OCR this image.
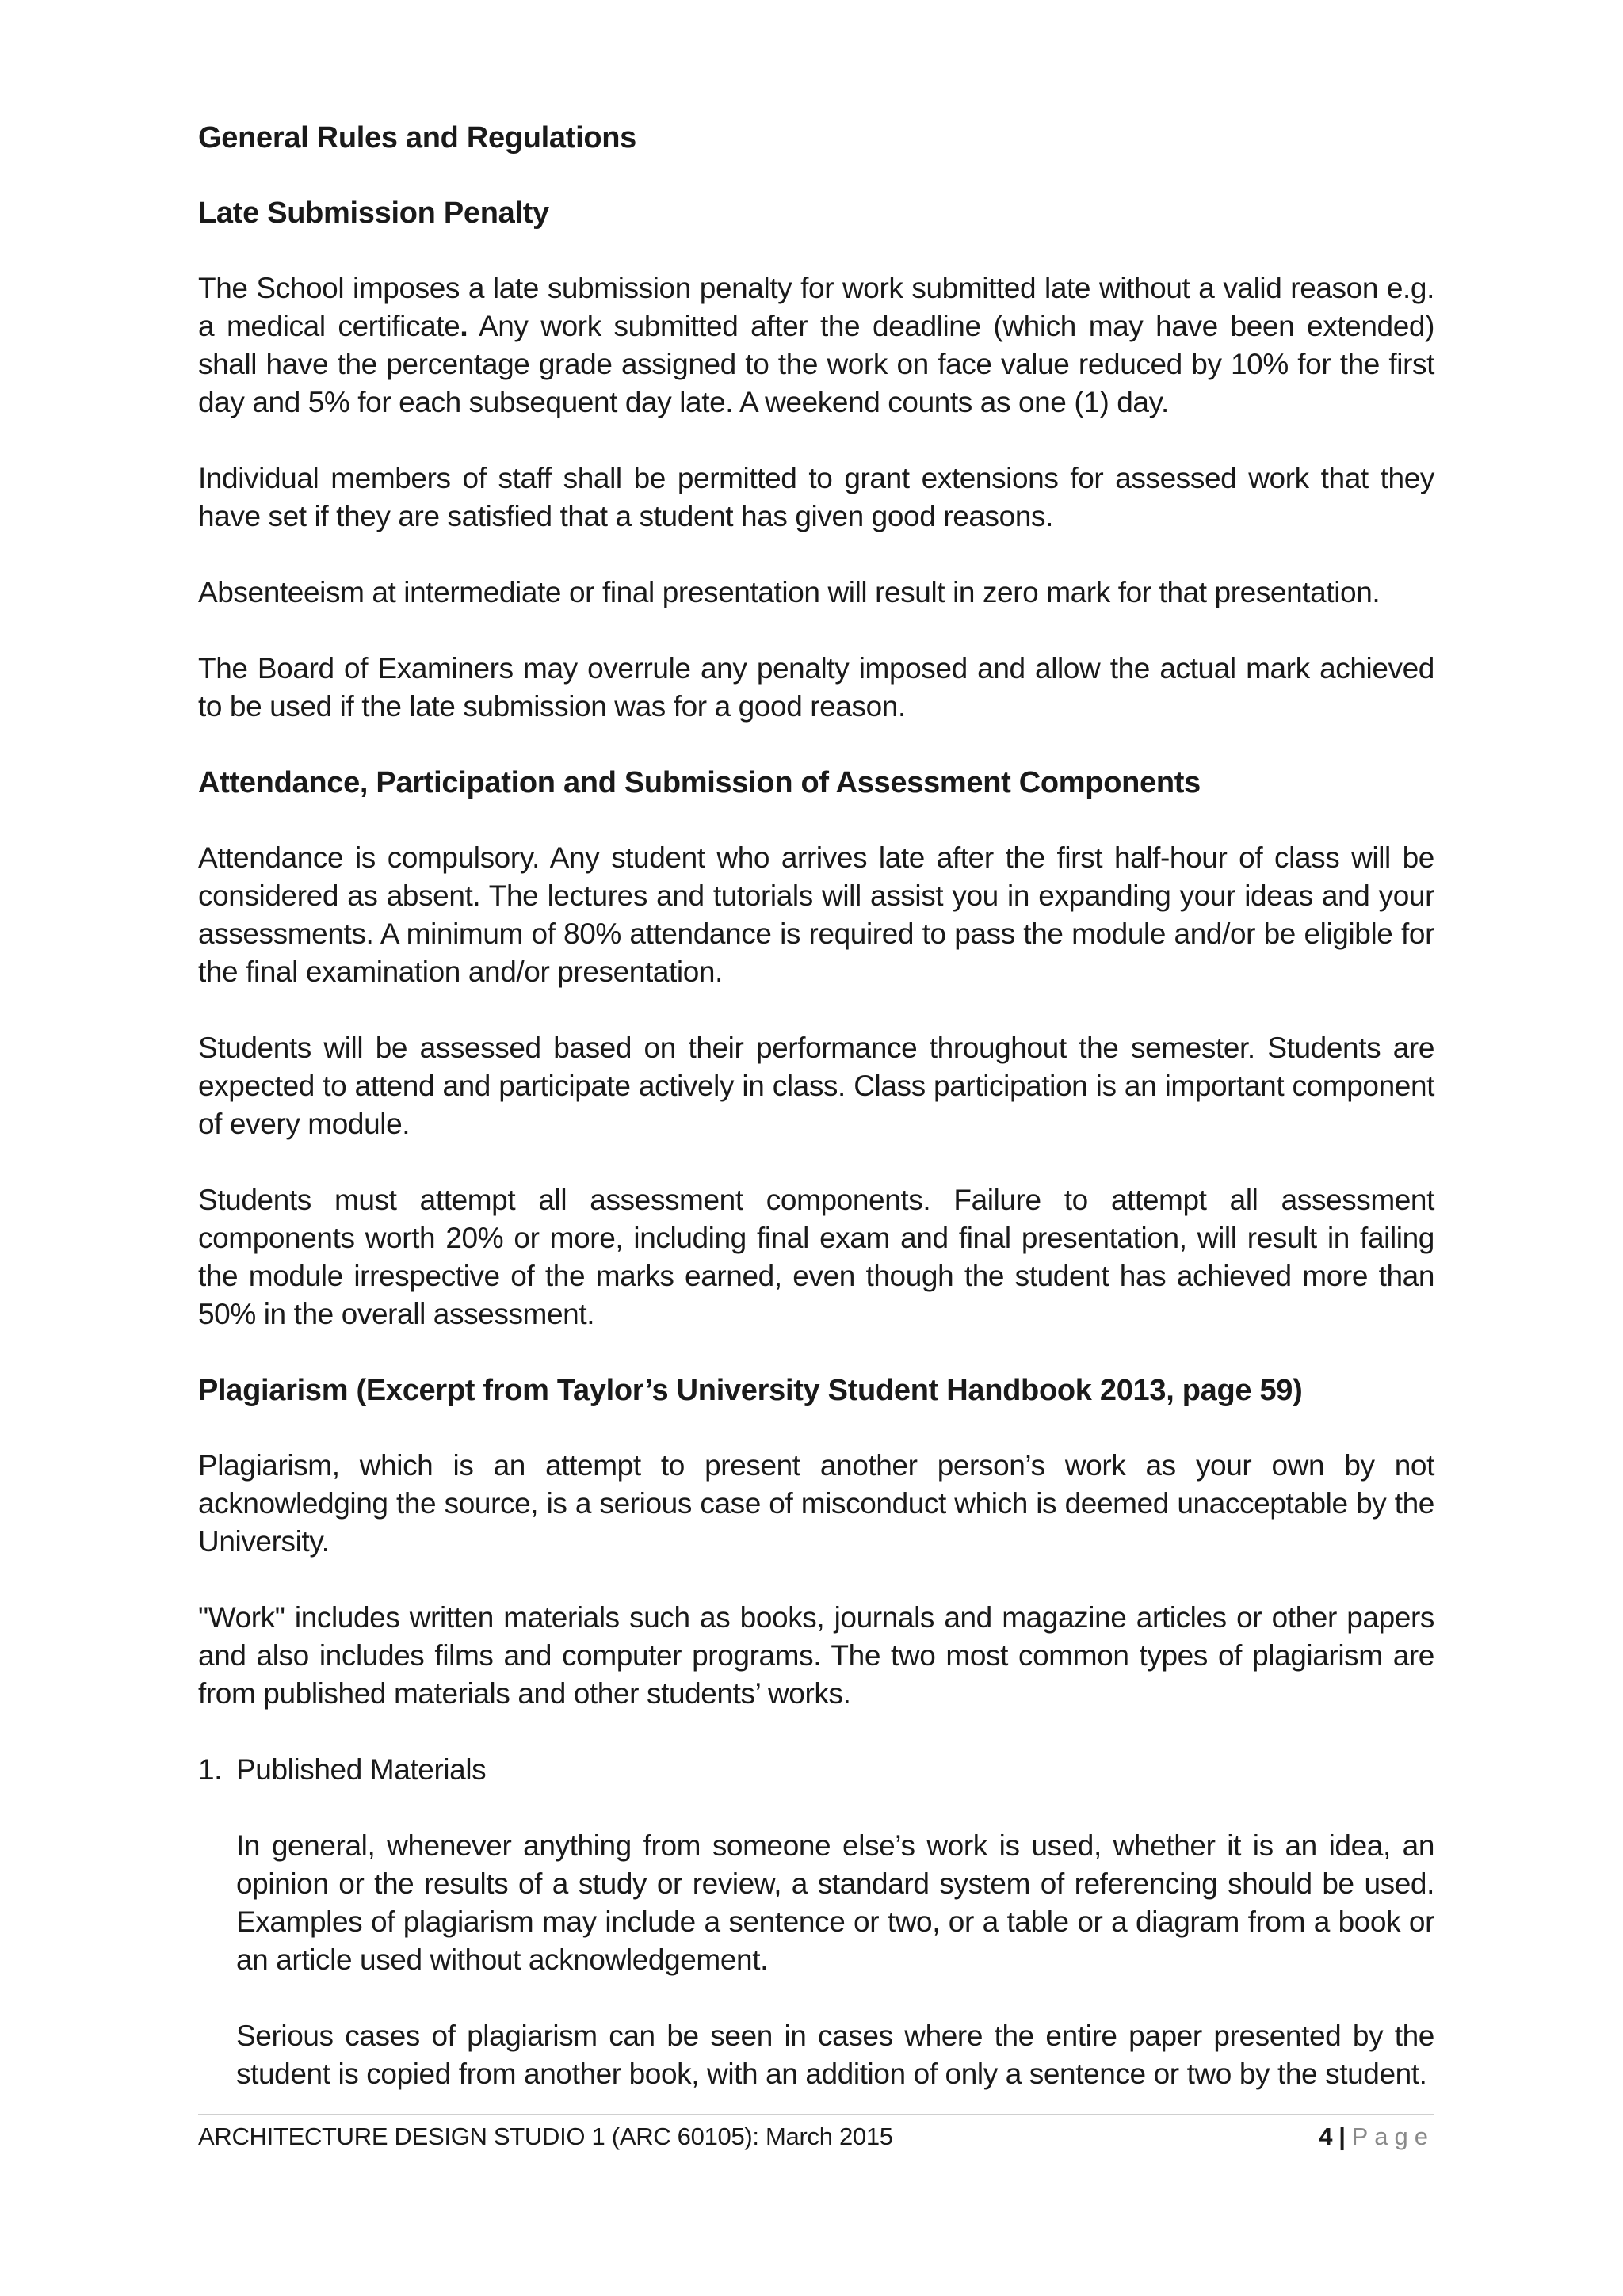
General Rules and Regulations
Late Submission Penalty

The School imposes a late submission penalty for work submitted late without a valid reason e.g. a medical certificate. Any work submitted after the deadline (which may have been extended) shall have the percentage grade assigned to the work on face value reduced by 10% for the first day and 5% for each subsequent day late. A weekend counts as one (1) day.

Individual members of staff shall be permitted to grant extensions for assessed work that they have set if they are satisfied that a student has given good reasons.

Absenteeism at intermediate or final presentation will result in zero mark for that presentation.

The Board of Examiners may overrule any penalty imposed and allow the actual mark achieved to be used if the late submission was for a good reason.

Attendance, Participation and Submission of Assessment Components

Attendance is compulsory. Any student who arrives late after the first half-hour of class will be considered as absent. The lectures and tutorials will assist you in expanding your ideas and your assessments. A minimum of 80% attendance is required to pass the module and/or be eligible for the final examination and/or presentation.

Students will be assessed based on their performance throughout the semester. Students are expected to attend and participate actively in class. Class participation is an important component of every module.

Students must attempt all assessment components. Failure to attempt all assessment components worth 20% or more, including final exam and final presentation, will result in failing the module irrespective of the marks earned, even though the student has achieved more than 50% in the overall assessment.

Plagiarism (Excerpt from Taylor’s University Student Handbook 2013, page 59)

Plagiarism, which is an attempt to present another person’s work as your own by not acknowledging the source, is a serious case of misconduct which is deemed unacceptable by the University.

"Work" includes written materials such as books, journals and magazine articles or other papers and also includes films and computer programs. The two most common types of plagiarism are from published materials and other students’ works.

1. Published Materials

In general, whenever anything from someone else’s work is used, whether it is an idea, an opinion or the results of a study or review, a standard system of referencing should be used. Examples of plagiarism may include a sentence or two, or a table or a diagram from a book or an article used without acknowledgement.

Serious cases of plagiarism can be seen in cases where the entire paper presented by the student is copied from another book, with an addition of only a sentence or two by the student.

ARCHITECTURE DESIGN STUDIO 1 (ARC 60105): March 2015	4 | Page
